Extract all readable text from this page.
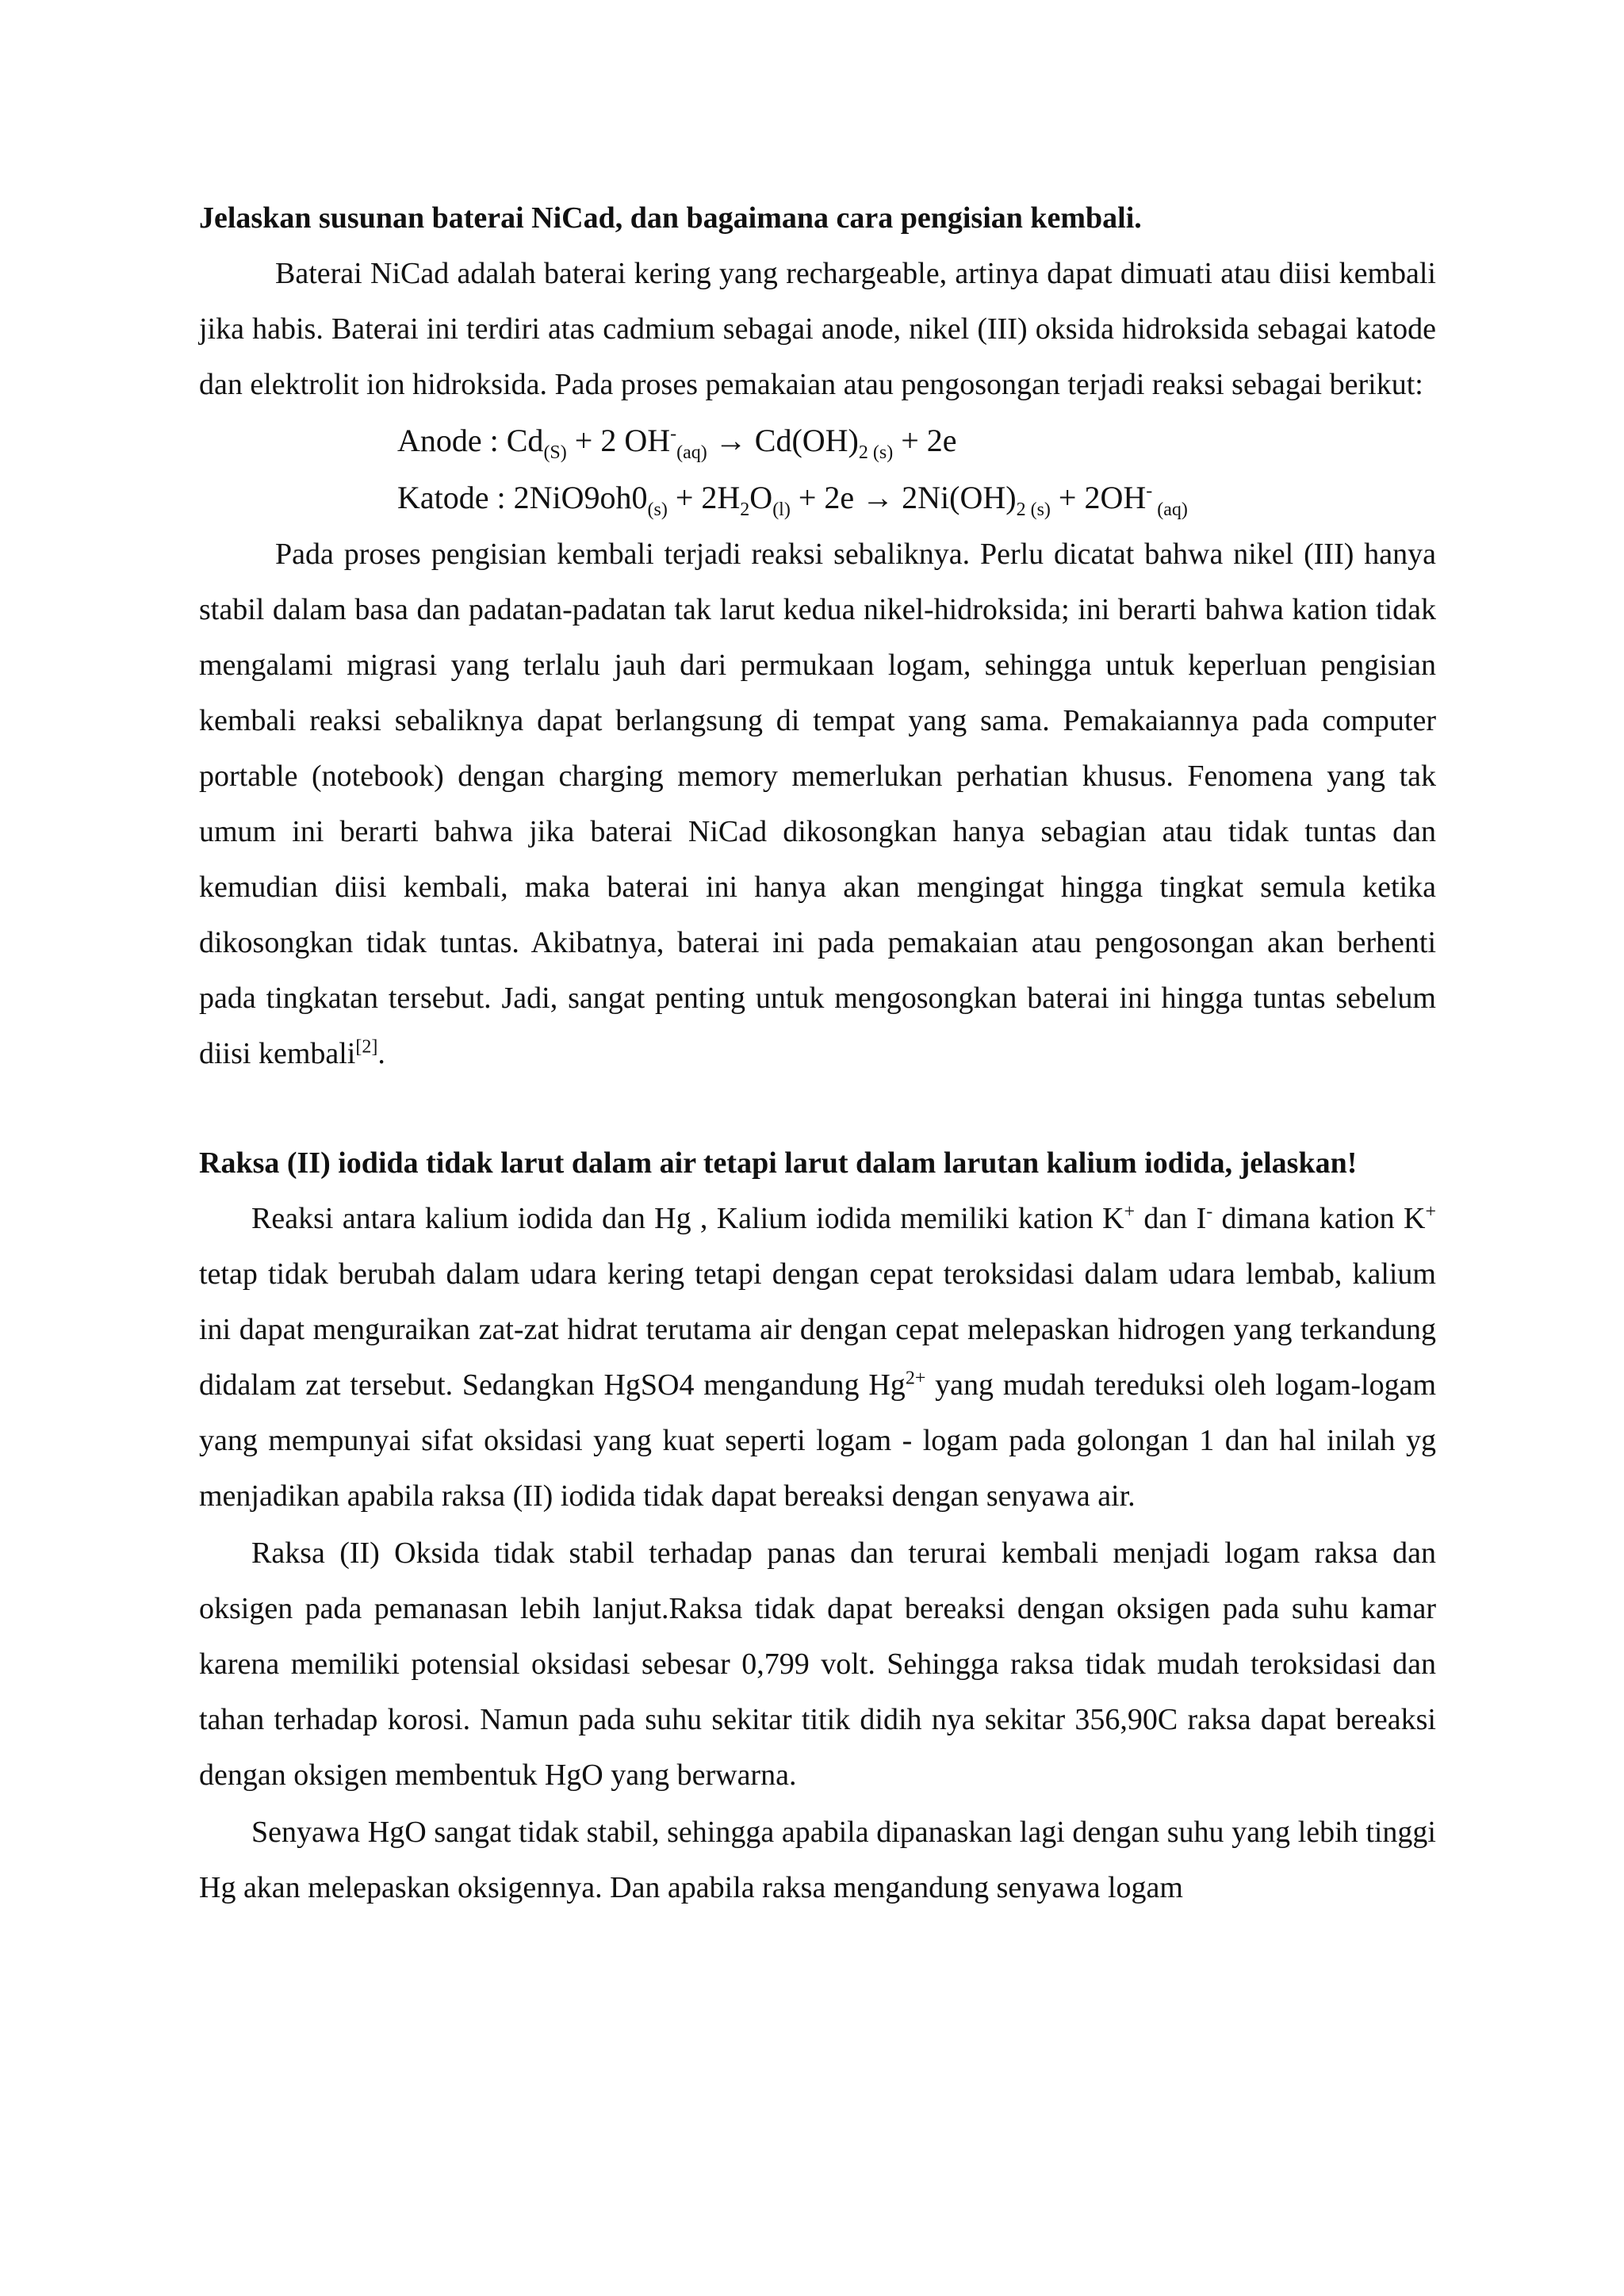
Jelaskan susunan baterai NiCad, dan bagaimana cara pengisian kembali.

Baterai NiCad adalah baterai kering yang rechargeable, artinya dapat dimuati atau diisi kembali jika habis. Baterai ini terdiri atas cadmium sebagai anode, nikel (III) oksida hidroksida sebagai katode dan elektrolit ion hidroksida. Pada proses pemakaian atau pengosongan terjadi reaksi sebagai berikut:

Anode : $Cd_{(S)} + 2$ $OH^-_{(aq)} \to Cd(OH)_{2 (s)} + 2e$

Katode : $2NiO9oh0_{(s)} + 2H_2O_{(l)} + 2e \to 2Ni(OH)_{2 (s)} + 2OH^-$ $_{(aq)}$

Pada proses pengisian kembali terjadi reaksi sebaliknya. Perlu dicatat bahwa nikel (III) hanya stabil dalam basa dan padatan-padatan tak larut kedua nikel-hidroksida; ini berarti bahwa kation tidak mengalami migrasi yang terlalu jauh dari permukaan logam, sehingga untuk keperluan pengisian kembali reaksi sebaliknya dapat berlangsung di tempat yang sama. Pemakaiannya pada computer portable (notebook) dengan charging memory memerlukan perhatian khusus. Fenomena yang tak umum ini berarti bahwa jika baterai NiCad dikosongkan hanya sebagian atau tidak tuntas dan kemudian diisi kembali, maka baterai ini hanya akan mengingat hingga tingkat semula ketika dikosongkan tidak tuntas. Akibatnya, baterai ini pada pemakaian atau pengosongan akan berhenti pada tingkatan tersebut. Jadi, sangat penting untuk mengosongkan baterai ini hingga tuntas sebelum diisi kembali[2].

Raksa (II) iodida tidak larut dalam air tetapi larut dalam larutan kalium iodida, jelaskan!

Reaksi antara kalium iodida dan Hg , Kalium iodida memiliki kation K+ dan I- dimana kation K+ tetap tidak berubah dalam udara kering tetapi dengan cepat teroksidasi dalam udara lembab, kalium ini dapat menguraikan zat-zat hidrat terutama air dengan cepat melepaskan hidrogen yang terkandung didalam zat tersebut. Sedangkan HgSO4 mengandung $Hg^{2+}$ yang mudah tereduksi oleh logam-logam yang mempunyai sifat oksidasi yang kuat seperti logam - logam pada golongan 1 dan hal inilah yg menjadikan apabila raksa (II) iodida tidak dapat bereaksi dengan senyawa air.

Raksa (II) Oksida tidak stabil terhadap panas dan terurai kembali menjadi logam raksa dan oksigen pada pemanasan lebih lanjut.Raksa tidak dapat bereaksi dengan oksigen pada suhu kamar karena memiliki potensial oksidasi sebesar 0,799 volt. Sehingga raksa tidak mudah teroksidasi dan tahan terhadap korosi. Namun pada suhu sekitar titik didih nya sekitar 356,90C raksa dapat bereaksi dengan oksigen membentuk HgO yang berwarna.

Senyawa HgO sangat tidak stabil, sehingga apabila dipanaskan lagi dengan suhu yang lebih tinggi Hg akan melepaskan oksigennya. Dan apabila raksa mengandung senyawa logam
